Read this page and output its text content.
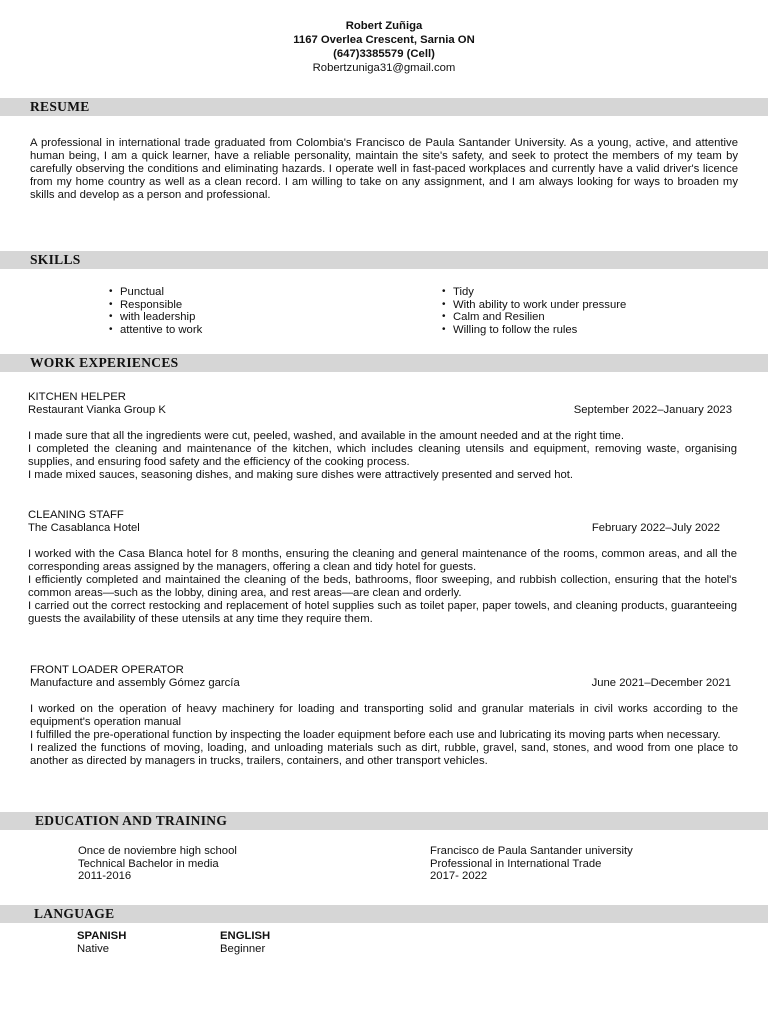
Robert Zuñiga
1167 Overlea Crescent, Sarnia ON
(647)3385579 (Cell)
Robertzuniga31@gmail.com
RESUME

A professional in international trade graduated from Colombia's Francisco de Paula Santander University. As a young, active, and attentive human being, I am a quick learner, have a reliable personality, maintain the site's safety, and seek to protect the members of my team by carefully observing the conditions and eliminating hazards. I operate well in fast-paced workplaces and currently have a valid driver's licence from my home country as well as a clean record. I am willing to take on any assignment, and I am always looking for ways to broaden my skills and develop as a person and professional.

SKILLS
• Punctual
• Responsible
• with leadership
• attentive to work
• Tidy
• With ability to work under pressure
• Calm and Resilien
• Willing to follow the rules
WORK EXPERIENCES
KITCHEN HELPER
Restaurant Vianka Group K	September 2022–January 2023

I made sure that all the ingredients were cut, peeled, washed, and available in the amount needed and at the right time.

I completed the cleaning and maintenance of the kitchen, which includes cleaning utensils and equipment, removing waste, organising supplies, and ensuring food safety and the efficiency of the cooking process.

I made mixed sauces, seasoning dishes, and making sure dishes were attractively presented and served hot.

CLEANING STAFF
The Casablanca Hotel	February 2022–July 2022

I worked with the Casa Blanca hotel for 8 months, ensuring the cleaning and general maintenance of the rooms, common areas, and all the corresponding areas assigned by the managers, offering a clean and tidy hotel for guests.

I efficiently completed and maintained the cleaning of the beds, bathrooms, floor sweeping, and rubbish collection, ensuring that the hotel's common areas—such as the lobby, dining area, and rest areas—are clean and orderly.

I carried out the correct restocking and replacement of hotel supplies such as toilet paper, paper towels, and cleaning products, guaranteeing guests the availability of these utensils at any time they require them.

FRONT LOADER OPERATOR
Manufacture and assembly Gómez garcía	June 2021–December 2021

I worked on the operation of heavy machinery for loading and transporting solid and granular materials in civil works according to the equipment's operation manual

I fulfilled the pre-operational function by inspecting the loader equipment before each use and lubricating its moving parts when necessary.

I realized the functions of moving, loading, and unloading materials such as dirt, rubble, gravel, sand, stones, and wood from one place to another as directed by managers in trucks, trailers, containers, and other transport vehicles.

EDUCATION AND TRAINING
Once de noviembre high school
Technical Bachelor in media
2011-2016
Francisco de Paula Santander university
Professional in International Trade
2017- 2022
LANGUAGE
SPANISH
Native
ENGLISH
Beginner
